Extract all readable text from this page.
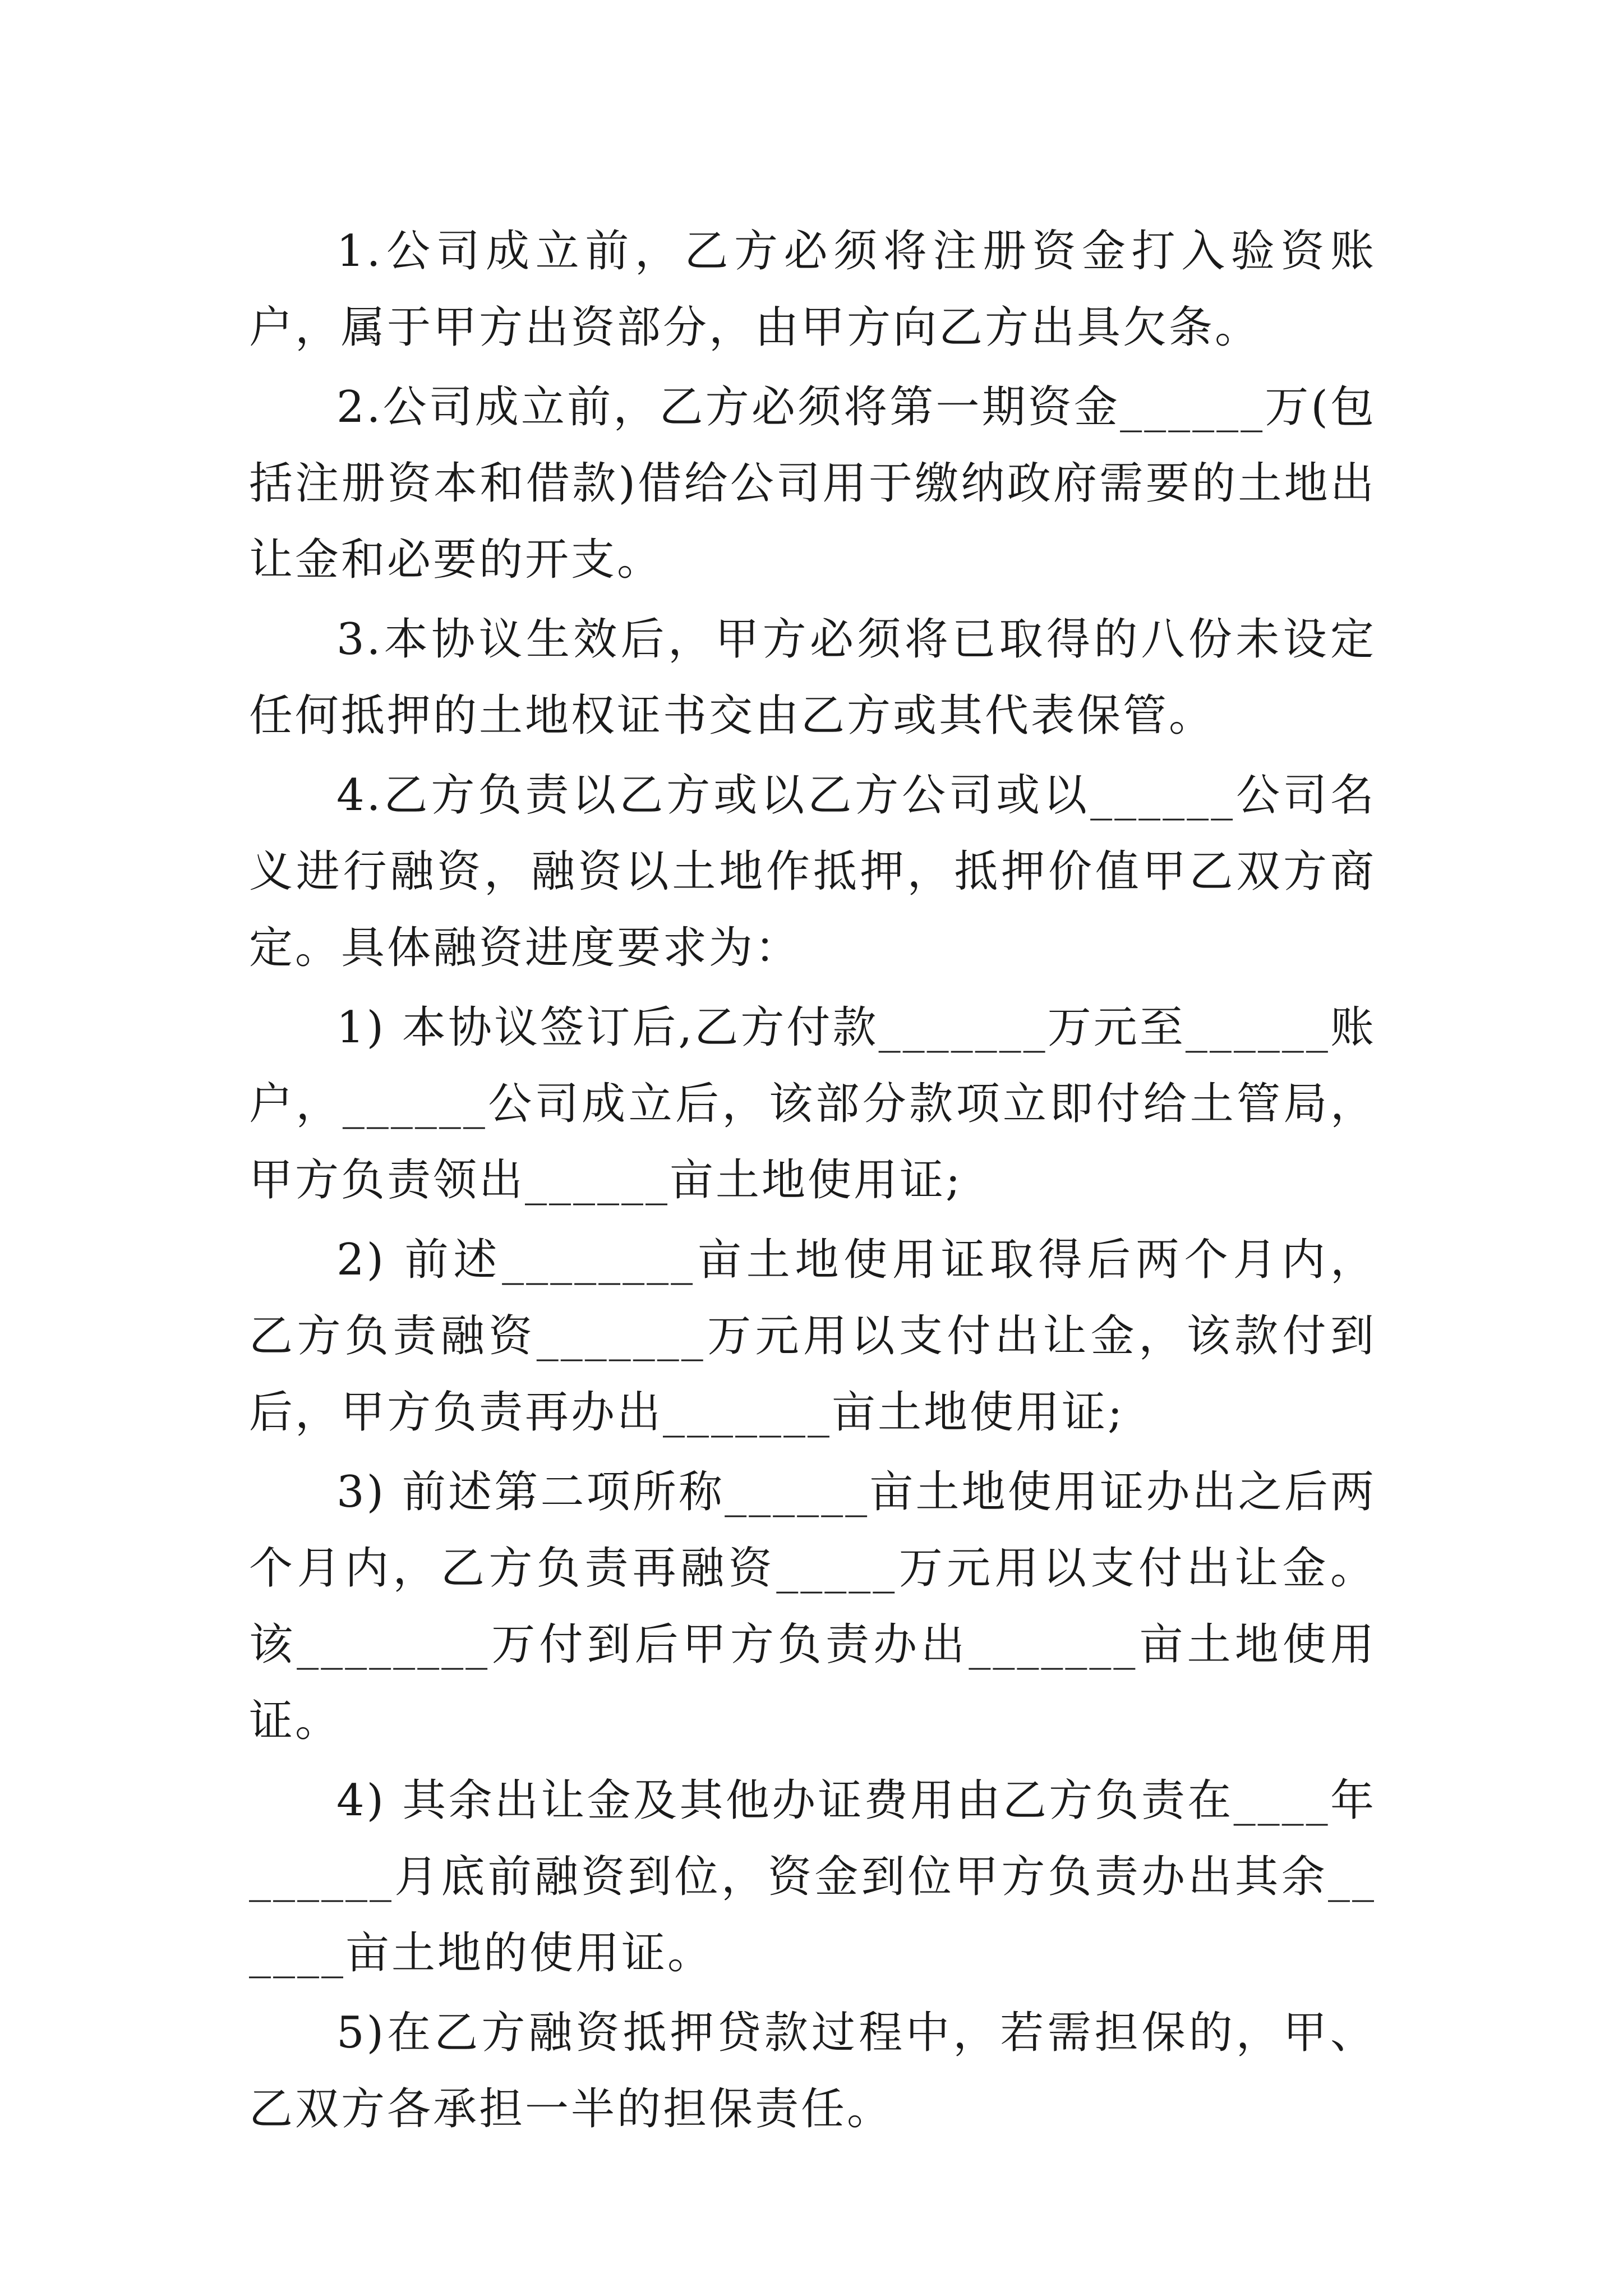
1.公司成立前，乙方必须将注册资金打入验资账户，属于甲方出资部分，由甲方向乙方出具欠条。

2.公司成立前，乙方必须将第一期资金______万(包括注册资本和借款)借给公司用于缴纳政府需要的土地出让金和必要的开支。

3.本协议生效后，甲方必须将已取得的八份未设定任何抵押的土地权证书交由乙方或其代表保管。

4.乙方负责以乙方或以乙方公司或以______公司名义进行融资，融资以土地作抵押，抵押价值甲乙双方商定。具体融资进度要求为：

1) 本协议签订后,乙方付款_______万元至______账户，______公司成立后，该部分款项立即付给土管局，甲方负责领出______亩土地使用证;

2) 前述________亩土地使用证取得后两个月内，乙方负责融资_______万元用以支付出让金，该款付到后，甲方负责再办出_______亩土地使用证;

3) 前述第二项所称______亩土地使用证办出之后两个月内，乙方负责再融资_____万元用以支付出让金。该________万付到后甲方负责办出_______亩土地使用证。

4) 其余出让金及其他办证费用由乙方负责在____年______月底前融资到位，资金到位甲方负责办出其余______亩土地的使用证。

5)在乙方融资抵押贷款过程中，若需担保的，甲、乙双方各承担一半的担保责任。
